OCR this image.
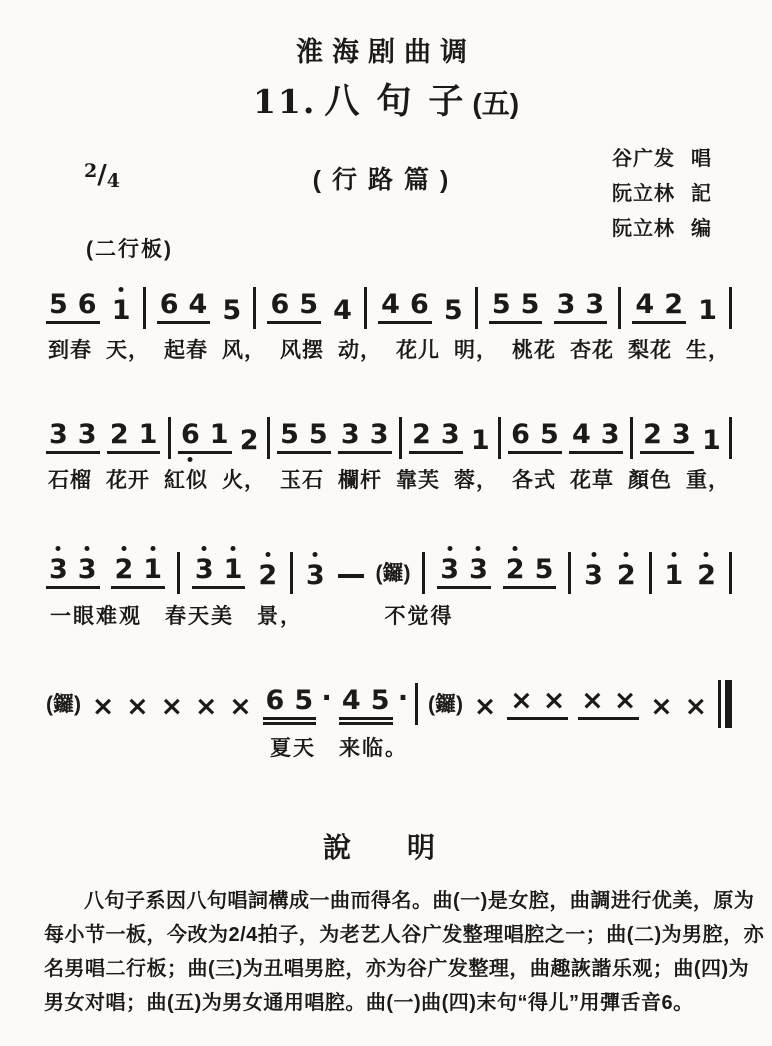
淮海剧曲调
11. 八句子(五)
2/4	(行路篇)
谷广发 唱
阮立林 記
阮立林 编
(二行板)
5 6 1 6 4 5 6 5 4 4 6 5 5 5 3 3 4 2 1
到春 天， 起春 风， 风摆 动， 花儿 明， 桃花 杏花 梨花 生，
3 3 2 1 6 1 2 5 5 3 3 2 3 1 6 5 4 3 2 3 1
石榴 花开 紅似 火， 玉石 欄杆 靠芙 蓉， 各式 花草 顏色 重，
3 3 2 1 3 1 2 3 (鑼) 3 3 2 5 3 2 1 2
一眼难观　春天美　景，　　　　不觉得
(鑼) × × × × × 6 5 · 4 5 · (鑼) × × × × × × ×
夏天　来临。
說　明
八句子系因八句唱詞構成一曲而得名。曲(一)是女腔，曲調进行优美，原为
每小节一板，今改为2/4拍子，为老艺人谷广发整理唱腔之一；曲(二)为男腔，亦
名男唱二行板；曲(三)为丑唱男腔，亦为谷广发整理，曲趣詼諧乐观；曲(四)为
男女对唱；曲(五)为男女通用唱腔。曲(一)曲(四)末句“得儿”用彈舌音6。
